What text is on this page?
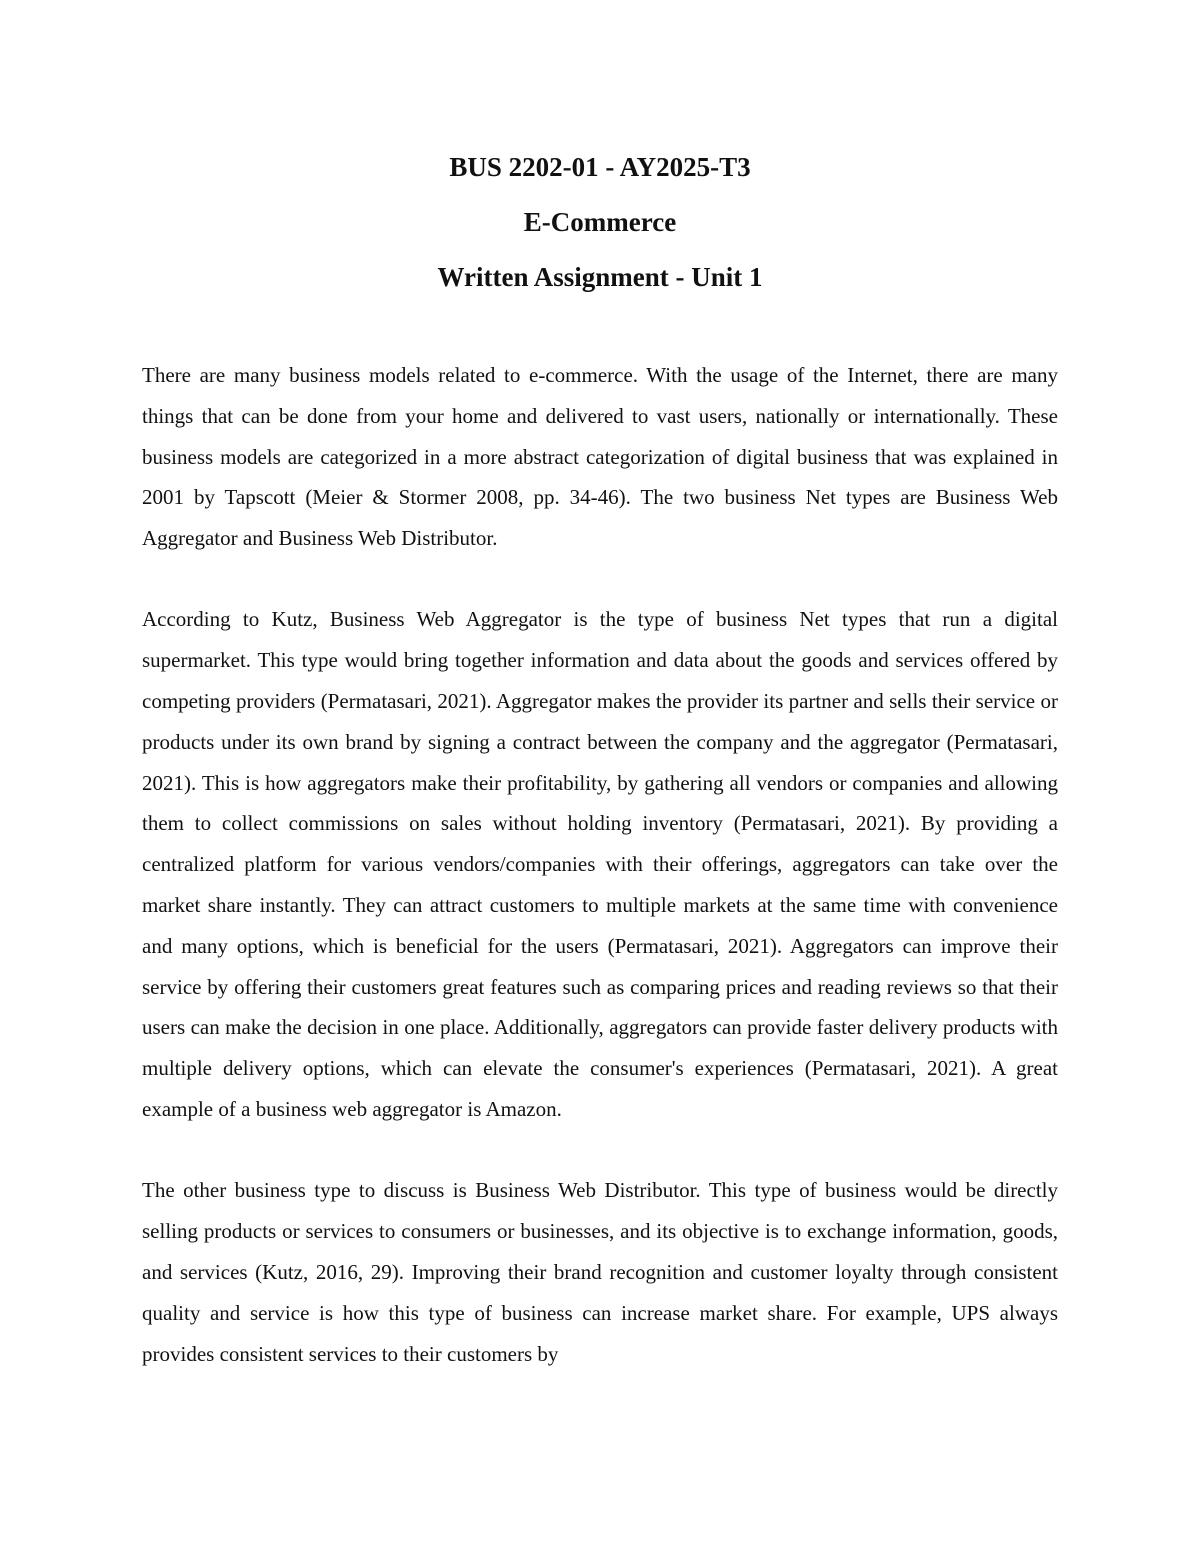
BUS 2202-01 - AY2025-T3

E-Commerce

Written Assignment - Unit 1

There are many business models related to e-commerce. With the usage of the Internet, there are many things that can be done from your home and delivered to vast users, nationally or internationally. These business models are categorized in a more abstract categorization of digital business that was explained in 2001 by Tapscott (Meier & Stormer 2008, pp. 34-46). The two business Net types are Business Web Aggregator and Business Web Distributor.

According to Kutz, Business Web Aggregator is the type of business Net types that run a digital supermarket. This type would bring together information and data about the goods and services offered by competing providers (Permatasari, 2021). Aggregator makes the provider its partner and sells their service or products under its own brand by signing a contract between the company and the aggregator (Permatasari, 2021). This is how aggregators make their profitability, by gathering all vendors or companies and allowing them to collect commissions on sales without holding inventory (Permatasari, 2021). By providing a centralized platform for various vendors/companies with their offerings, aggregators can take over the market share instantly. They can attract customers to multiple markets at the same time with convenience and many options, which is beneficial for the users (Permatasari, 2021). Aggregators can improve their service by offering their customers great features such as comparing prices and reading reviews so that their users can make the decision in one place. Additionally, aggregators can provide faster delivery products with multiple delivery options, which can elevate the consumer's experiences (Permatasari, 2021). A great example of a business web aggregator is Amazon.

The other business type to discuss is Business Web Distributor. This type of business would be directly selling products or services to consumers or businesses, and its objective is to exchange information, goods, and services (Kutz, 2016, 29). Improving their brand recognition and customer loyalty through consistent quality and service is how this type of business can increase market share. For example, UPS always provides consistent services to their customers by
